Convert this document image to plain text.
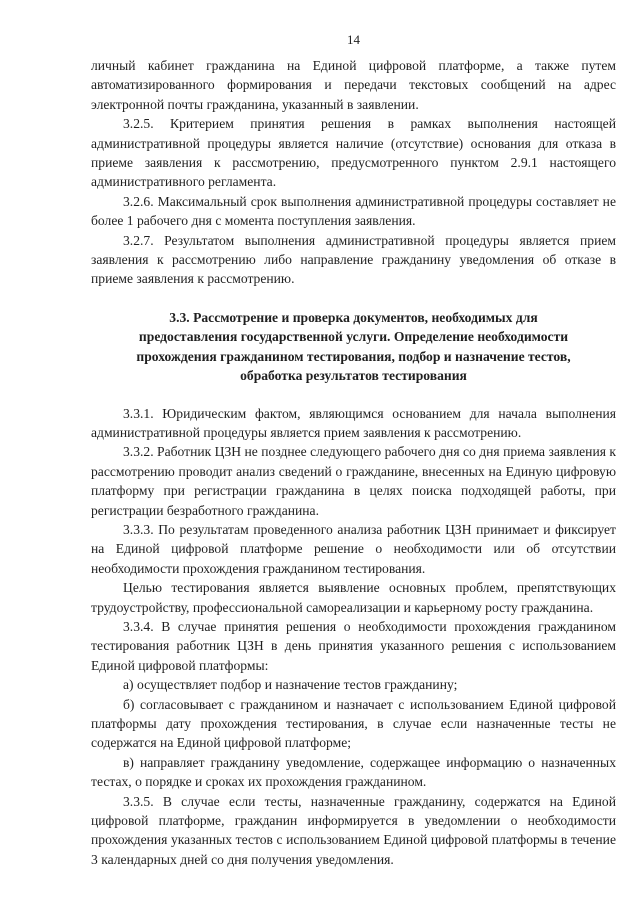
14

личный кабинет гражданина на Единой цифровой платформе, а также путем автоматизированного формирования и передачи текстовых сообщений на адрес электронной почты гражданина, указанный в заявлении.

3.2.5. Критерием принятия решения в рамках выполнения настоящей административной процедуры является наличие (отсутствие) основания для отказа в приеме заявления к рассмотрению, предусмотренного пунктом 2.9.1 настоящего административного регламента.

3.2.6. Максимальный срок выполнения административной процедуры составляет не более 1 рабочего дня с момента поступления заявления.

3.2.7. Результатом выполнения административной процедуры является прием заявления к рассмотрению либо направление гражданину уведомления об отказе в приеме заявления к рассмотрению.

3.3. Рассмотрение и проверка документов, необходимых для
предоставления государственной услуги. Определение необходимости
прохождения гражданином тестирования, подбор и назначение тестов,
обработка результатов тестирования

3.3.1. Юридическим фактом, являющимся основанием для начала выполнения административной процедуры является прием заявления к рассмотрению.

3.3.2. Работник ЦЗН не позднее следующего рабочего дня со дня приема заявления к рассмотрению проводит анализ сведений о гражданине, внесенных на Единую цифровую платформу при регистрации гражданина в целях поиска подходящей работы, при регистрации безработного гражданина.

3.3.3. По результатам проведенного анализа работник ЦЗН принимает и фиксирует на Единой цифровой платформе решение о необходимости или об отсутствии необходимости прохождения гражданином тестирования.

Целью тестирования является выявление основных проблем, препятствующих трудоустройству, профессиональной самореализации и карьерному росту гражданина.

3.3.4. В случае принятия решения о необходимости прохождения гражданином тестирования работник ЦЗН в день принятия указанного решения с использованием Единой цифровой платформы:

а) осуществляет подбор и назначение тестов гражданину;

б) согласовывает с гражданином и назначает с использованием Единой цифровой платформы дату прохождения тестирования, в случае если назначенные тесты не содержатся на Единой цифровой платформе;

в) направляет гражданину уведомление, содержащее информацию о назначенных тестах, о порядке и сроках их прохождения гражданином.

3.3.5. В случае если тесты, назначенные гражданину, содержатся на Единой цифровой платформе, гражданин информируется в уведомлении о необходимости прохождения указанных тестов с использованием Единой цифровой платформы в течение 3 календарных дней со дня получения уведомления.
